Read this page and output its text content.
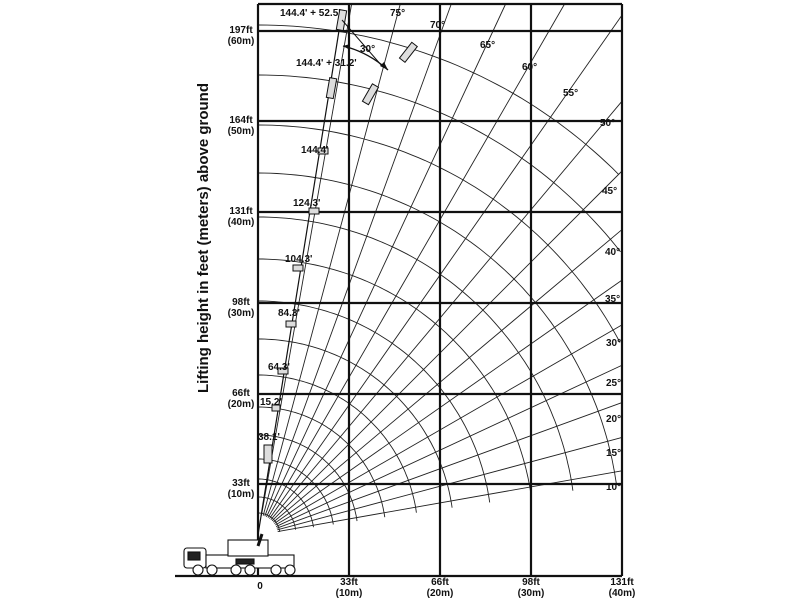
Lifting height in feet (meters) above ground
30°
33ft
(10m)
66ft
(20m)
98ft
(30m)
131ft
(40m)
164ft
(50m)
197ft
(60m)
0	33ft
(10m)
66ft
(20m)
98ft
(30m)
131ft
(40m)
75°
70°
65°
60°
55°
50°
45°
40°
35°
30°
25°
20°
15°
10°
38.1'
15.2'
64.3'
84.3'
104.3'
124.3'
144.4'
144.4' + 31.2'
144.4' + 52.5'
